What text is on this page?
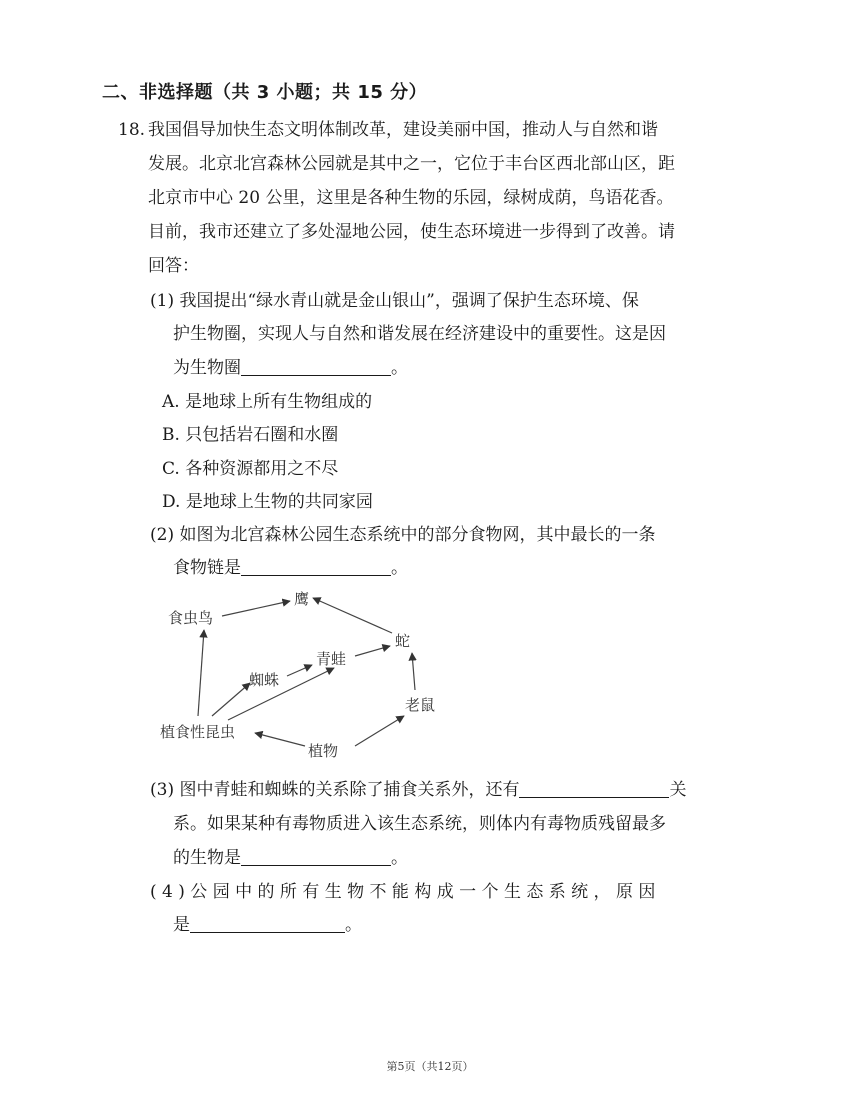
二、非选择题（共 3 小题；共 15 分）
18. 我国倡导加快生态文明体制改革，建设美丽中国，推动人与自然和谐
发展。北京北宫森林公园就是其中之一，它位于丰台区西北部山区，距
北京市中心 20 公里，这里是各种生物的乐园，绿树成荫，鸟语花香。
目前，我市还建立了多处湿地公园，使生态环境进一步得到了改善。请
回答：
(1) 我国提出“绿水青山就是金山银山”，强调了保护生态环境、保
护生物圈，实现人与自然和谐发展在经济建设中的重要性。这是因
为生物圈	。
A. 是地球上所有生物组成的
B. 只包括岩石圈和水圈
C. 各种资源都用之不尽
D. 是地球上生物的共同家园
(2) 如图为北宫森林公园生态系统中的部分食物网，其中最长的一条
食物链是	。
鹰
食虫鸟
蛇
青蛙
蜘蛛
老鼠
植食性昆虫
植物
(3) 图中青蛙和蜘蛛的关系除了捕食关系外，还有	关
系。如果某种有毒物质进入该生态系统，则体内有毒物质残留最多
的生物是	。
( 4 ) 公 园 中 的 所 有 生 物 不 能 构 成 一 个 生 态 系 统 ， 原 因
是	。
第5页（共12页）
